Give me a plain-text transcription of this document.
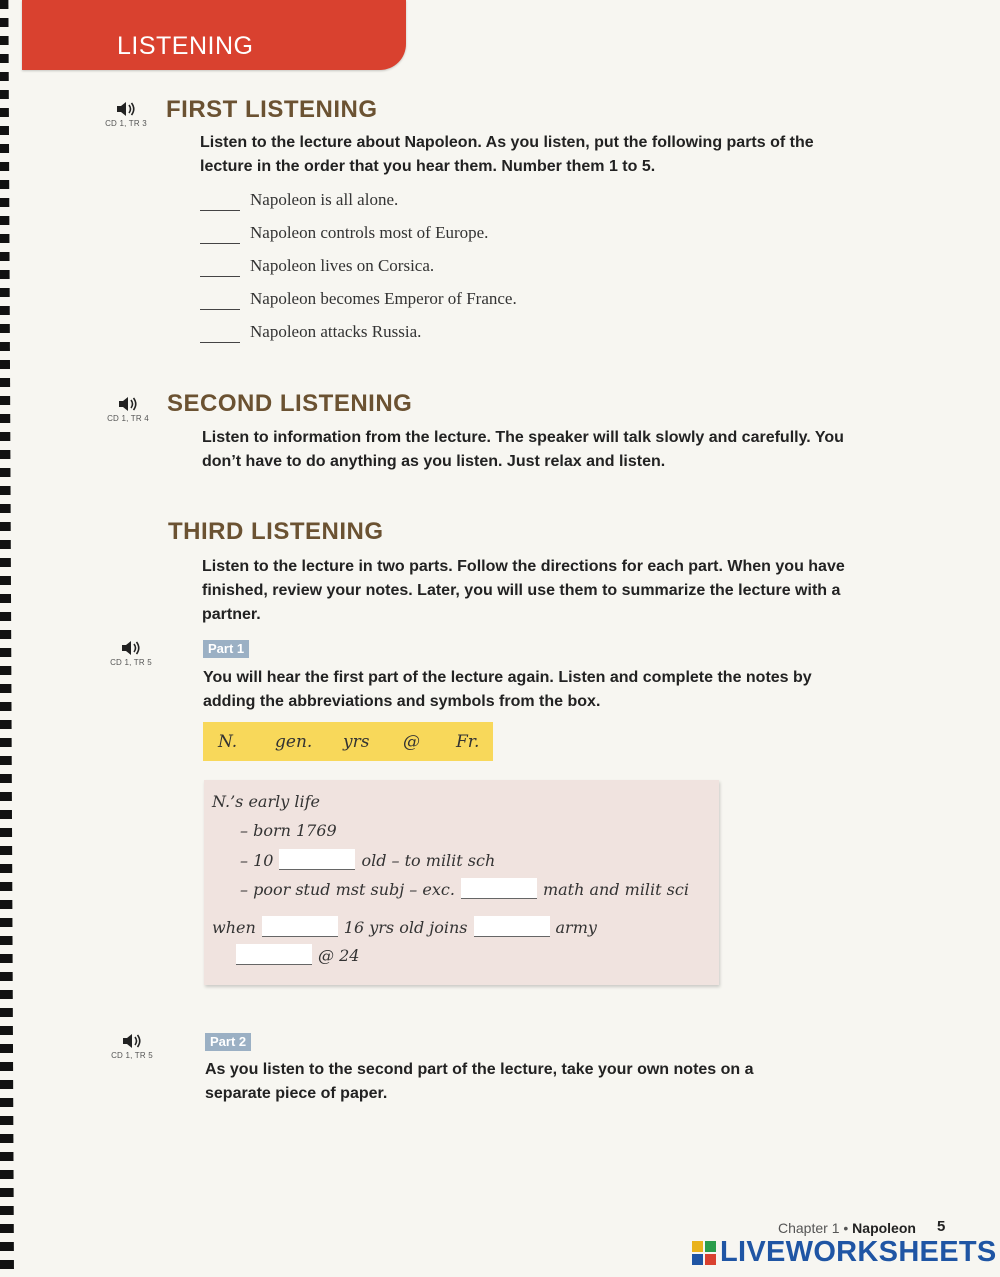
LISTENING
CD 1, TR 3
FIRST LISTENING
Listen to the lecture about Napoleon. As you listen, put the following parts of the lecture in the order that you hear them. Number them 1 to 5.
Napoleon is all alone.
Napoleon controls most of Europe.
Napoleon lives on Corsica.
Napoleon becomes Emperor of France.
Napoleon attacks Russia.
CD 1, TR 4
SECOND LISTENING
Listen to information from the lecture. The speaker will talk slowly and carefully. You don’t have to do anything as you listen. Just relax and listen.
THIRD LISTENING
Listen to the lecture in two parts. Follow the directions for each part. When you have finished, review your notes. Later, you will use them to summarize the lecture with a partner.
CD 1, TR 5
Part 1
You will hear the first part of the lecture again. Listen and complete the notes by adding the abbreviations and symbols from the box.
N. gen. yrs @ Fr.
N.’s early life
– born 1769
– 10	old – to milit sch
– poor stud mst subj – exc.	math and milit sci
when	16 yrs old joins	army
@ 24
CD 1, TR 5
Part 2
As you listen to the second part of the lecture, take your own notes on a separate piece of paper.
Chapter 1 • Napoleon 5
LIVEWORKSHEETS
